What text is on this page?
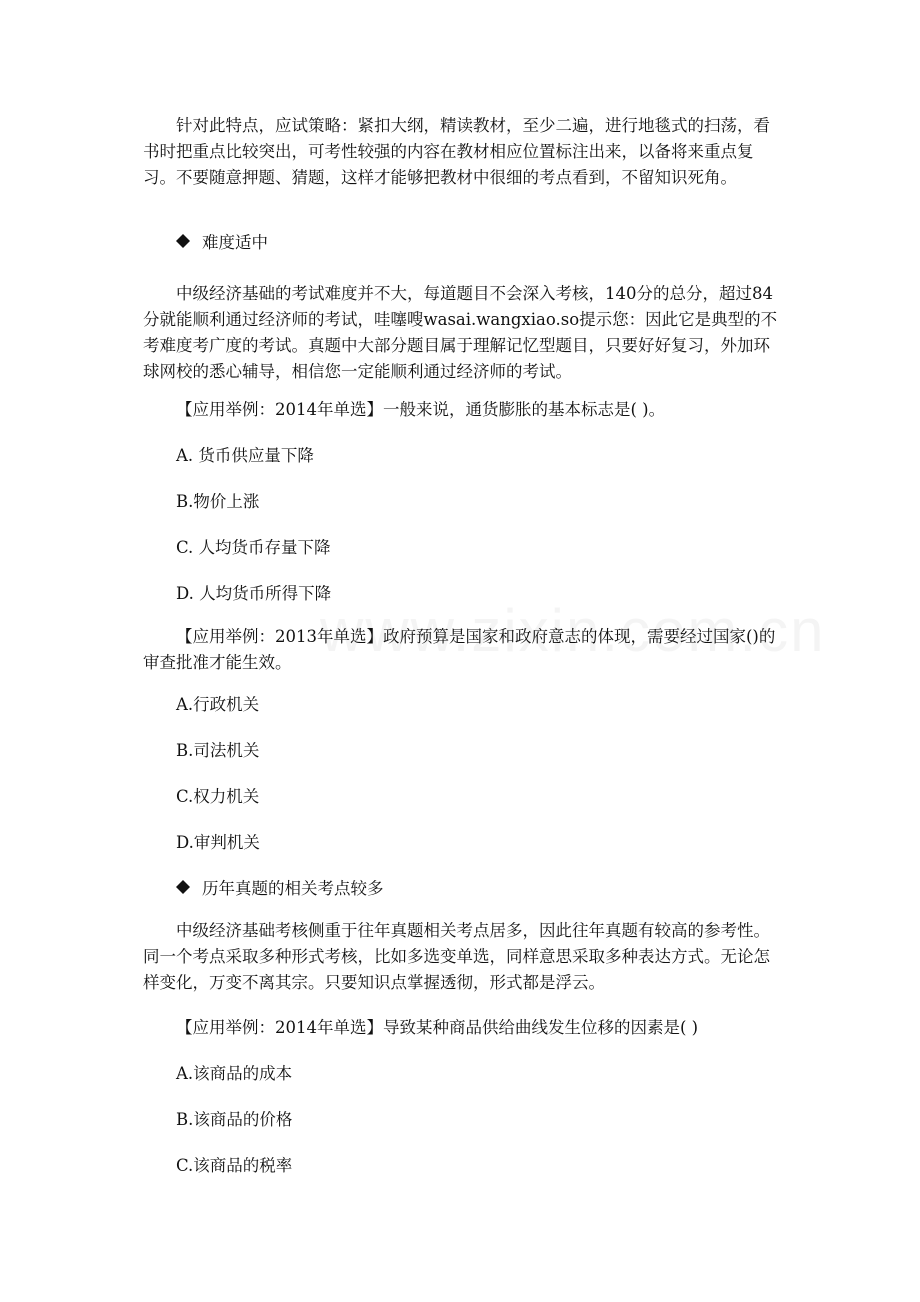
针对此特点，应试策略：紧扣大纲，精读教材，至少二遍，进行地毯式的扫荡，看书时把重点比较突出，可考性较强的内容在教材相应位置标注出来，以备将来重点复习。不要随意押题、猜题，这样才能够把教材中很细的考点看到，不留知识死角。
难度适中
中级经济基础的考试难度并不大，每道题目不会深入考核，140分的总分，超过84分就能顺利通过经济师的考试，哇噻嗖wasai.wangxiao.so提示您：因此它是典型的不考难度考广度的考试。真题中大部分题目属于理解记忆型题目，只要好好复习，外加环球网校的悉心辅导，相信您一定能顺利通过经济师的考试。
【应用举例：2014年单选】一般来说，通货膨胀的基本标志是( )。
A. 货币供应量下降
B.物价上涨
C. 人均货币存量下降
D. 人均货币所得下降
【应用举例：2013年单选】政府预算是国家和政府意志的体现，需要经过国家()的审查批准才能生效。
A.行政机关
B.司法机关
C.权力机关
D.审判机关
历年真题的相关考点较多
中级经济基础考核侧重于往年真题相关考点居多，因此往年真题有较高的参考性。同一个考点采取多种形式考核，比如多选变单选，同样意思采取多种表达方式。无论怎样变化，万变不离其宗。只要知识点掌握透彻，形式都是浮云。
【应用举例：2014年单选】导致某种商品供给曲线发生位移的因素是( )
A.该商品的成本
B.该商品的价格
C.该商品的税率
